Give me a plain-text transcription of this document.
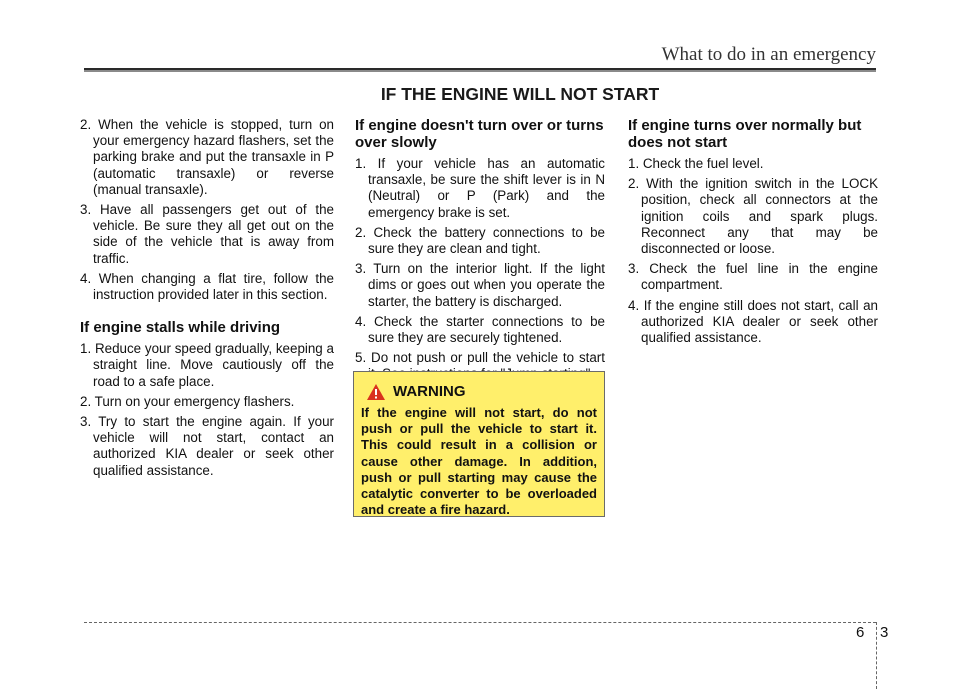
What to do in an emergency
IF THE ENGINE WILL NOT START
2. When the vehicle is stopped, turn on your emergency hazard flashers, set the parking brake and put the transaxle in P (automatic transaxle) or reverse (manual transaxle).
3. Have all passengers get out of the vehicle. Be sure they all get out on the side of the vehicle that is away from traffic.
4. When changing a flat tire, follow the instruction provided later in this section.
If engine stalls while driving
1. Reduce your speed gradually, keeping a straight line. Move cautiously off the road to a safe place.
2. Turn on your emergency flashers.
3. Try to start the engine again. If your vehicle will not start, contact an authorized KIA dealer or seek other qualified assistance.
If engine doesn't turn over or turns over slowly
1. If your vehicle has an automatic transaxle, be sure the shift lever is in N (Neutral) or P (Park) and the emergency brake is set.
2. Check the battery connections to be sure they are clean and tight.
3. Turn on the interior light. If the light dims or goes out when you operate the starter, the battery is discharged.
4. Check the starter connections to be sure they are securely tightened.
5. Do not push or pull the vehicle to start
WARNING
If the engine will not start, do not push or pull the vehicle to start it. This could result in a collision or cause other damage. In addition, push or pull starting may cause the catalytic converter to be overloaded and create a fire hazard.
If engine turns over normally but does not start
1. Check the fuel level.
2. With the ignition switch in the LOCK position, check all connectors at the ignition coils and spark plugs. Reconnect any that may be disconnected or loose.
3. Check the fuel line in the engine compartment.
4. If the engine still does not start, call an authorized KIA dealer or seek other qualified assistance.
6 3
